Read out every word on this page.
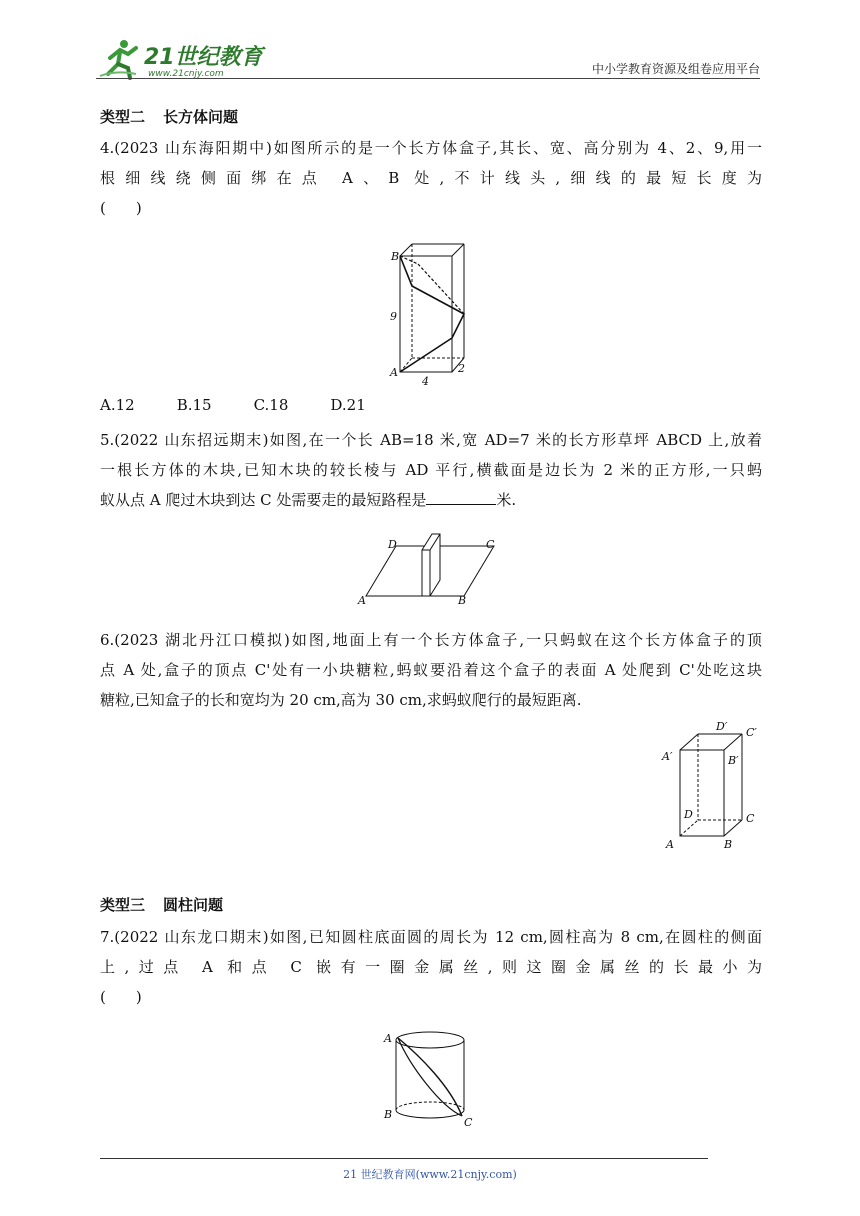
21世纪教育
www.21cnjy.com	中小学教育资源及组卷应用平台
类型二 长方体问题
4.(2023 山东海阳期中)如图所示的是一个长方体盒子,其长、宽、高分别为 4、2、9,用一
根细线绕侧面绑在点 A、B 处,不计线头,细线的最短长度为
(　　)
B
A
9
4
2
A.12	B.15	C.18	D.21
5.(2022 山东招远期末)如图,在一个长 AB=18 米,宽 AD=7 米的长方形草坪 ABCD 上,放着
一根长方体的木块,已知木块的较长棱与 AD 平行,横截面是边长为 2 米的正方形,一只蚂
蚁从点 A 爬过木块到达 C 处需要走的最短路程是	米.
D	C
A	B
6.(2023 湖北丹江口模拟)如图,地面上有一个长方体盒子,一只蚂蚁在这个长方体盒子的顶
点 A 处,盒子的顶点 C'处有一小块糖粒,蚂蚁要沿着这个盒子的表面 A 处爬到 C'处吃这块
糖粒,已知盒子的长和宽均为 20 cm,高为 30 cm,求蚂蚁爬行的最短距离.
D′ C′
A′	B′
D	C
A	B
类型三 圆柱问题
7.(2022 山东龙口期末)如图,已知圆柱底面圆的周长为 12 cm,圆柱高为 8 cm,在圆柱的侧面
上,过点 A 和点 C 嵌有一圈金属丝,则这圈金属丝的长最小为
(　　)
A
B
C
21 世纪教育网(www.21cnjy.com)
